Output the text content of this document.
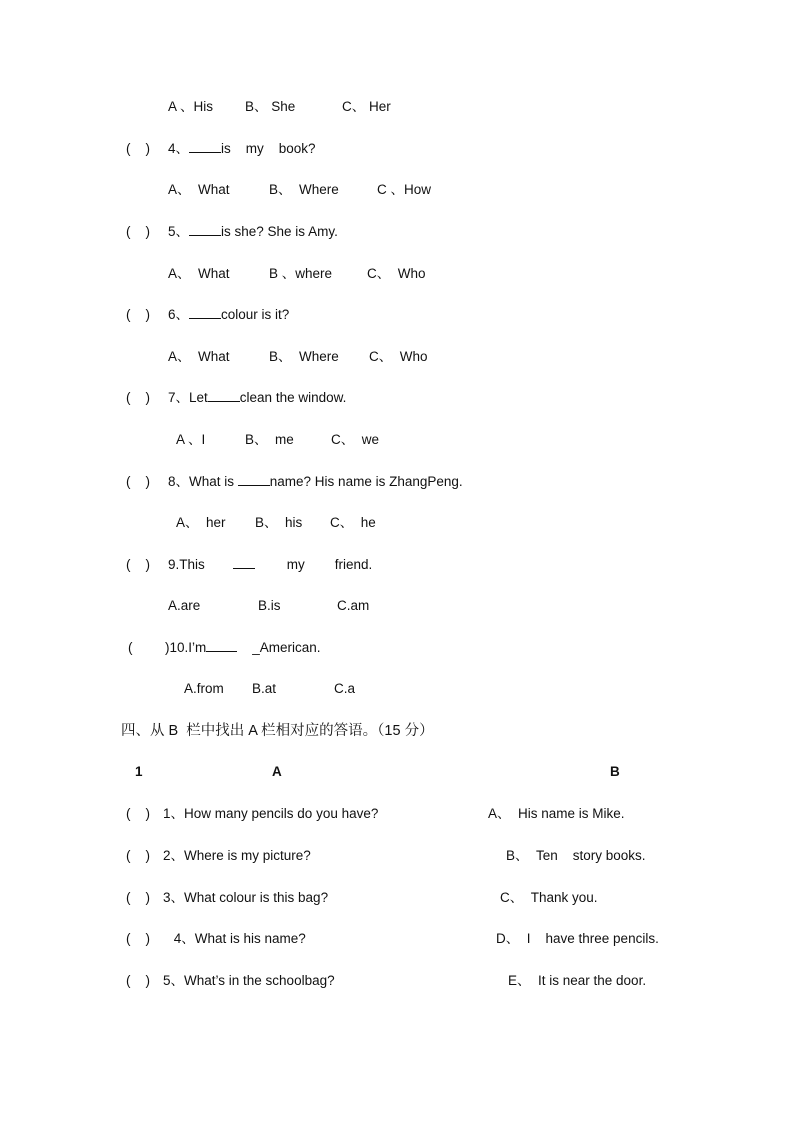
A 、His B、 She	C、 Her
(    ) 4、 is    my    book?
A、  What	B、  Where	C 、How
(    ) 5、 is she? She is Amy.
A、  What	B 、where	C、  Who
(    ) 6、 colour is it?
A、  What	B、  Where C、  Who
(    ) 7、Let clean the window.
A 、I	B、  me	C、  we
(    ) 8、What is name? His name is ZhangPeng.
A、  her B、  his C、  he
(    ) 9.This	my        friend.
A.are	B.is	C.am
( )10.I’m	_American.
A.from B.at	C.a
四、从 B  栏中找出 A 栏相对应的答语。（15 分）
1	A	B
(    ) 1、How many pencils do you have?	A、  His name is Mike.
(    ) 2、Where is my picture?	B、  Ten    story books.
(    ) 3、What colour is this bag?	C、  Thank you.
(    ) 4、What is his name?	D、  I    have three pencils.
(    ) 5、What’s in the schoolbag?	E、  It is near the door.
